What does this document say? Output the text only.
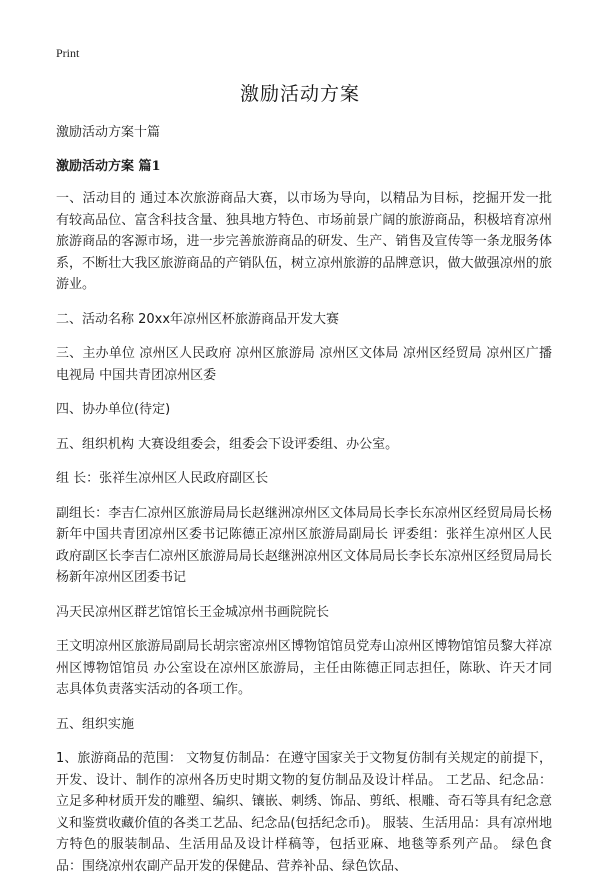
Print
激励活动方案

激励活动方案十篇

激励活动方案 篇1

一、活动目的 通过本次旅游商品大赛，以市场为导向，以精品为目标，挖掘开发一批有较高品位、富含科技含量、独具地方特色、市场前景广阔的旅游商品，积极培育凉州旅游商品的客源市场，进一步完善旅游商品的研发、生产、销售及宣传等一条龙服务体系，不断壮大我区旅游商品的产销队伍，树立凉州旅游的品牌意识，做大做强凉州的旅游业。

二、活动名称 20xx年凉州区杯旅游商品开发大赛

三、主办单位 凉州区人民政府 凉州区旅游局 凉州区文体局 凉州区经贸局 凉州区广播电视局 中国共青团凉州区委

四、协办单位(待定)

五、组织机构 大赛设组委会，组委会下设评委组、办公室。

组 长：张祥生凉州区人民政府副区长

副组长：李吉仁凉州区旅游局局长赵继洲凉州区文体局局长李长东凉州区经贸局局长杨新年中国共青团凉州区委书记陈德正凉州区旅游局副局长 评委组：张祥生凉州区人民政府副区长李吉仁凉州区旅游局局长赵继洲凉州区文体局局长李长东凉州区经贸局局长杨新年凉州区团委书记

冯天民凉州区群艺馆馆长王金城凉州书画院院长

王文明凉州区旅游局副局长胡宗密凉州区博物馆馆员党寿山凉州区博物馆馆员黎大祥凉州区博物馆馆员 办公室设在凉州区旅游局，主任由陈德正同志担任，陈耿、许天才同志具体负责落实活动的各项工作。

五、组织实施

1、旅游商品的范围： 文物复仿制品：在遵守国家关于文物复仿制有关规定的前提下，开发、设计、制作的凉州各历史时期文物的复仿制品及设计样品。 工艺品、纪念品：立足多种材质开发的雕塑、编织、镶嵌、刺绣、饰品、剪纸、根雕、奇石等具有纪念意义和鉴赏收藏价值的各类工艺品、纪念品(包括纪念币)。 服装、生活用品：具有凉州地方特色的服装制品、生活用品及设计样稿等，包括亚麻、地毯等系列产品。 绿色食品：围绕凉州农副产品开发的保健品、营养补品、绿色饮品、
